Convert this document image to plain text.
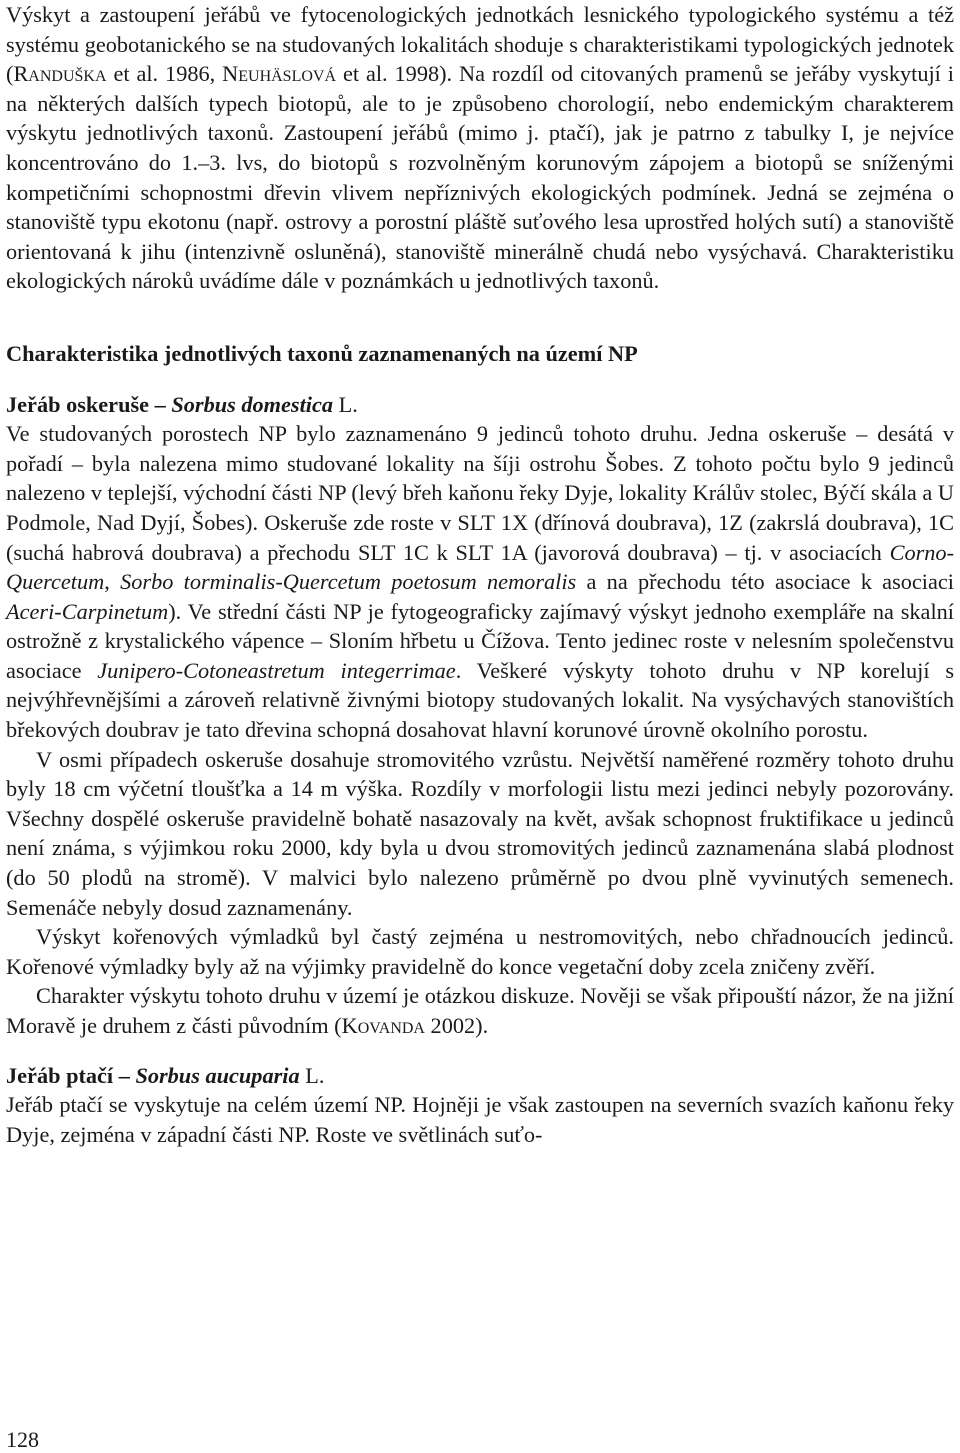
Výskyt a zastoupení jeřábů ve fytocenologických jednotkách lesnického typologického systému a též systému geobotanického se na studovaných lokalitách shoduje s charakteristikami typologických jednotek (Randuška et al. 1986, Neuhäslová et al. 1998). Na rozdíl od citovaných pramenů se jeřáby vyskytují i na některých dalších typech biotopů, ale to je způsobeno chorologií, nebo endemickým charakterem výskytu jednotlivých taxonů. Zastoupení jeřábů (mimo j. ptačí), jak je patrno z tabulky I, je nejvíce koncentrováno do 1.–3. lvs, do biotopů s rozvolněným korunovým zápojem a biotopů se sníženými kompetičními schopnostmi dřevin vlivem nepříznivých ekologických podmínek. Jedná se zejména o stanoviště typu ekotonu (např. ostrovy a porostní pláště suťového lesa uprostřed holých sutí) a stanoviště orientovaná k jihu (intenzivně osluněná), stanoviště minerálně chudá nebo vysýchavá. Charakteristiku ekologických nároků uvádíme dále v poznámkách u jednotlivých taxonů.

Charakteristika jednotlivých taxonů zaznamenaných na území NP
Jeřáb oskeruše – Sorbus domestica L.

Ve studovaných porostech NP bylo zaznamenáno 9 jedinců tohoto druhu. Jedna oskeruše – desátá v pořadí – byla nalezena mimo studované lokality na šíji ostrohu Šobes. Z tohoto počtu bylo 9 jedinců nalezeno v teplejší, východní části NP (levý břeh kaňonu řeky Dyje, lokality Králův stolec, Býčí skála a U Podmole, Nad Dyjí, Šobes). Oskeruše zde roste v SLT 1X (dřínová doubrava), 1Z (zakrslá doubrava), 1C (suchá habrová doubrava) a přechodu SLT 1C k SLT 1A (javorová doubrava) – tj. v asociacích Corno-Quercetum, Sorbo torminalis-Quercetum poetosum nemoralis a na přechodu této asociace k asociaci Aceri-Carpinetum). Ve střední části NP je fytogeograficky zajímavý výskyt jednoho exempláře na skalní ostrožně z krystalického vápence – Sloním hřbetu u Čížova. Tento jedinec roste v nelesním společenstvu asociace Junipero-Cotoneastretum integerrimae. Veškeré výskyty tohoto druhu v NP korelují s nejvýhřevnějšími a zároveň relativně živnými biotopy studovaných lokalit. Na vysýchavých stanovištích břekových doubrav je tato dřevina schopná dosahovat hlavní korunové úrovně okolního porostu.

V osmi případech oskeruše dosahuje stromovitého vzrůstu. Největší naměřené rozměry tohoto druhu byly 18 cm výčetní tloušťka a 14 m výška. Rozdíly v morfologii listu mezi jedinci nebyly pozorovány. Všechny dospělé oskeruše pravidelně bohatě nasazovaly na květ, avšak schopnost fruktifikace u jedinců není známa, s výjimkou roku 2000, kdy byla u dvou stromovitých jedinců zaznamenána slabá plodnost (do 50 plodů na stromě). V malvici bylo nalezeno průměrně po dvou plně vyvinutých semenech. Semenáče nebyly dosud zaznamenány.

Výskyt kořenových výmladků byl častý zejména u nestromovitých, nebo chřadnoucích jedinců. Kořenové výmladky byly až na výjimky pravidelně do konce vegetační doby zcela zničeny zvěří.

Charakter výskytu tohoto druhu v území je otázkou diskuze. Nověji se však připouští názor, že na jižní Moravě je druhem z části původním (Kovanda 2002).

Jeřáb ptačí – Sorbus aucuparia L.

Jeřáb ptačí se vyskytuje na celém území NP. Hojněji je však zastoupen na severních svazích kaňonu řeky Dyje, zejména v západní části NP. Roste ve světlinách suťo-

128
